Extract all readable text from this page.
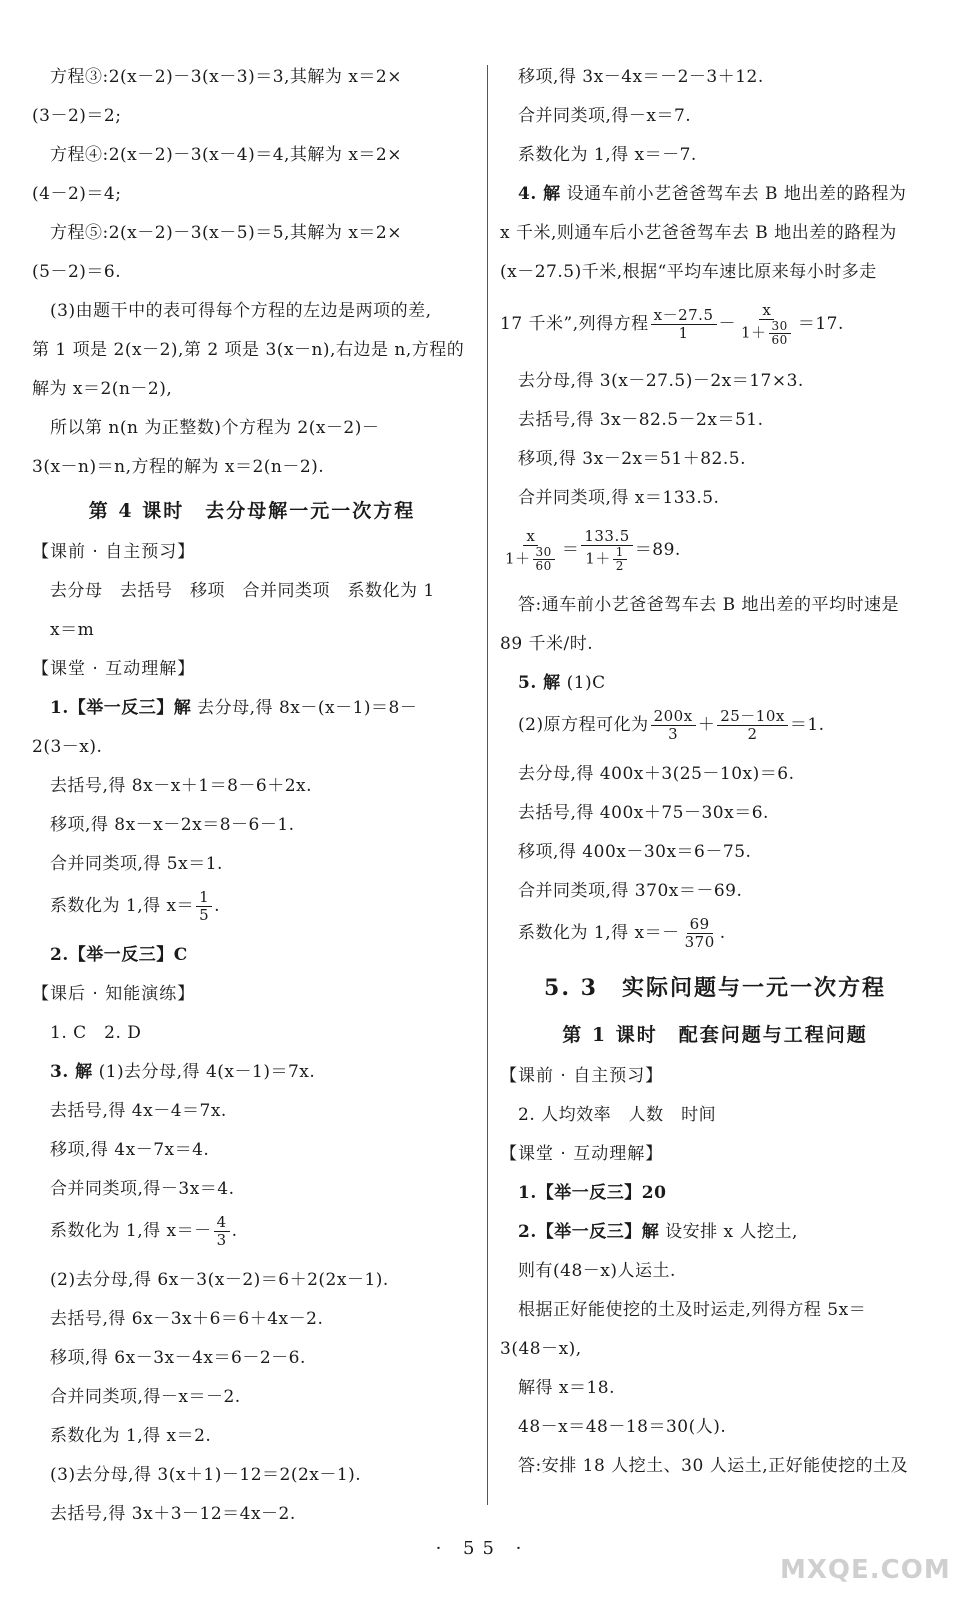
方程③:2(x－2)－3(x－3)＝3,其解为 x＝2×
(3－2)＝2;
方程④:2(x－2)－3(x－4)＝4,其解为 x＝2×
(4－2)＝4;
方程⑤:2(x－2)－3(x－5)＝5,其解为 x＝2×
(5－2)＝6.
(3)由题干中的表可得每个方程的左边是两项的差,
第 1 项是 2(x－2),第 2 项是 3(x－n),右边是 n,方程的
解为 x＝2(n－2),
所以第 n(n 为正整数)个方程为 2(x－2)－
3(x－n)＝n,方程的解为 x＝2(n－2).
第 4 课时　去分母解一元一次方程
【课前 · 自主预习】
去分母　去括号　移项　合并同类项　系数化为 1
x＝m
【课堂 · 互动理解】
1.【举一反三】解 去分母,得 8x－(x－1)＝8－
2(3－x).
去括号,得 8x－x＋1＝8－6＋2x.
移项,得 8x－x－2x＝8－6－1.
合并同类项,得 5x＝1.
系数化为 1,得 $x= \frac{1}{5}$ .
2.【举一反三】C
【课后 · 知能演练】
1. C　2. D
3. 解 (1)去分母,得 4(x－1)＝7x.
去括号,得 4x－4＝7x.
移项,得 4x－7x＝4.
合并同类项,得－3x＝4.
系数化为 1,得 $x=- \frac{4}{3}$ .
(2)去分母,得 6x－3(x－2)＝6＋2(2x－1).
去括号,得 6x－3x＋6＝6＋4x－2.
移项,得 6x－3x－4x＝6－2－6.
合并同类项,得－x＝－2.
系数化为 1,得 x＝2.
(3)去分母,得 3(x＋1)－12＝2(2x－1).
去括号,得 3x＋3－12＝4x－2.
移项,得 3x－4x＝－2－3＋12.
合并同类项,得－x＝7.
系数化为 1,得 x＝－7.
4. 解 设通车前小艺爸爸驾车去 B 地出差的路程为
x 千米,则通车后小艺爸爸驾车去 B 地出差的路程为
(x－27.5)千米,根据“平均车速比原来每小时多走
17 千米”,列得方程 $\frac{x-27.5}{1} - \frac{x}{1+ \frac{30}{60}} =17$.
去分母,得 3(x－27.5)－2x＝17×3.
去括号,得 3x－82.5－2x＝51.
移项,得 3x－2x＝51＋82.5.
合并同类项,得 x＝133.5.
$\frac{x}{1+ \frac{30}{60}} = \frac{133.5}{1+ \frac{1}{2}} =89$.
答:通车前小艺爸爸驾车去 B 地出差的平均时速是
89 千米/时.
5. 解 (1)C
(2)原方程可化为 $\frac{200x}{3} + \frac{25-10x}{2} =1$.
去分母,得 400x＋3(25－10x)＝6.
去括号,得 400x＋75－30x＝6.
移项,得 400x－30x＝6－75.
合并同类项,得 370x＝－69.
系数化为 1,得 $x=- \frac{69}{370}$ .
5. 3　实际问题与一元一次方程
第 1 课时　配套问题与工程问题
【课前 · 自主预习】
2. 人均效率　人数　时间
【课堂 · 互动理解】
1.【举一反三】20
2.【举一反三】解 设安排 x 人挖土,
则有(48－x)人运土.
根据正好能使挖的土及时运走,列得方程 5x＝
3(48－x),
解得 x＝18.
48－x＝48－18＝30(人).
答:安排 18 人挖土、30 人运土,正好能使挖的土及
· 55 ·
MXQE.COM
